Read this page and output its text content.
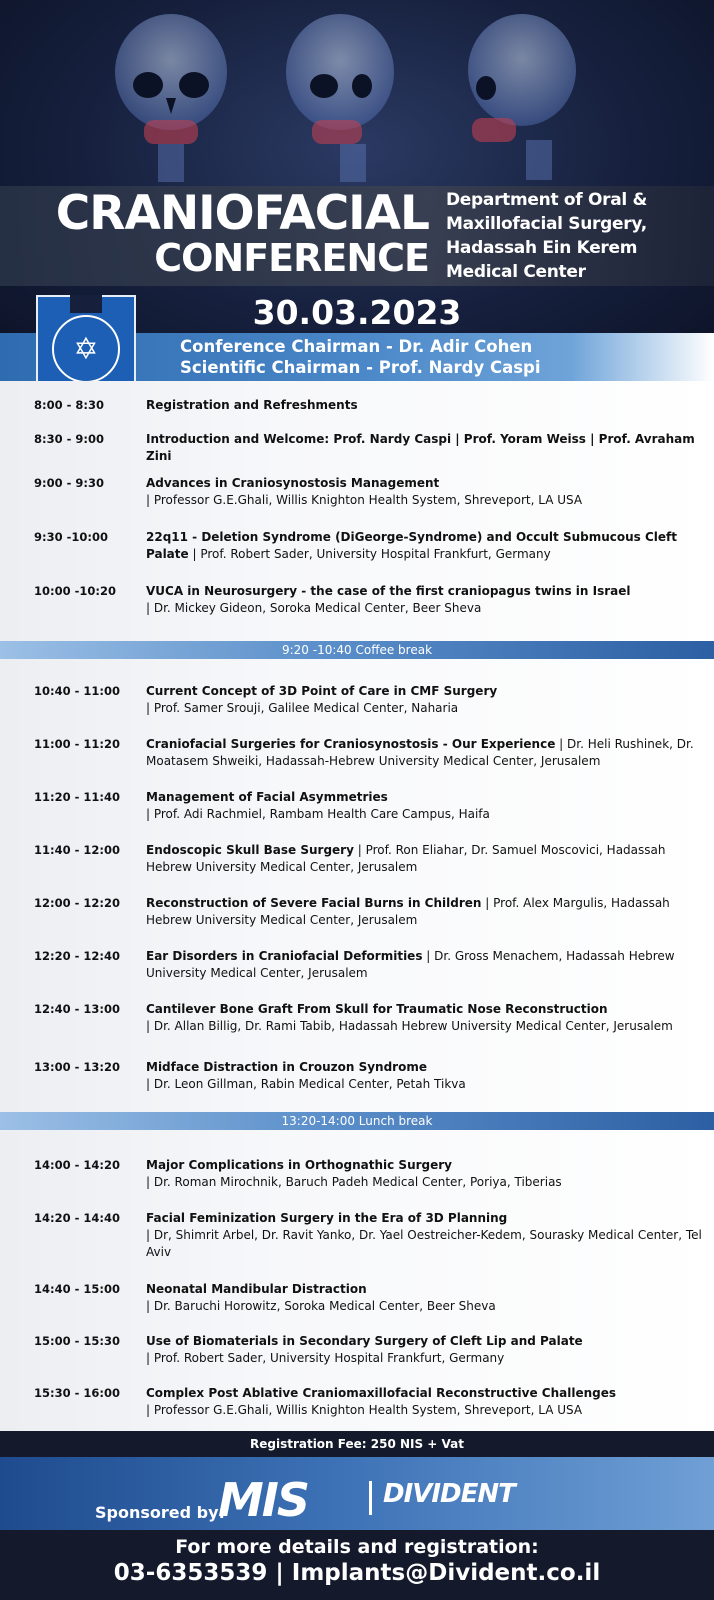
CRANIOFACIAL
CONFERENCE
Department of Oral &
Maxillofacial Surgery,
Hadassah Ein Kerem
Medical Center
30.03.2023
Conference Chairman - Dr. Adir Cohen
Scientific Chairman - Prof. Nardy Caspi
✡
8:00 - 8:30	Registration and Refreshments
8:30 - 9:00	Introduction and Welcome: Prof. Nardy Caspi | Prof. Yoram Weiss | Prof. Avraham Zini
9:00 - 9:30	Advances in Craniosynostosis Management
| Professor G.E.Ghali, Willis Knighton Health System, Shreveport, LA USA
9:30 -10:00	22q11 - Deletion Syndrome (DiGeorge-Syndrome) and Occult Submucous Cleft Palate | Prof. Robert Sader, University Hospital Frankfurt, Germany
10:00 -10:20	VUCA in Neurosurgery - the case of the first craniopagus twins in Israel
| Dr. Mickey Gideon, Soroka Medical Center, Beer Sheva
9:20 -10:40 Coffee break
10:40 - 11:00 Current Concept of 3D Point of Care in CMF Surgery
| Prof. Samer Srouji, Galilee Medical Center, Naharia
11:00 - 11:20 Craniofacial Surgeries for Craniosynostosis - Our Experience | Dr. Heli Rushinek, Dr. Moatasem Shweiki, Hadassah-Hebrew University Medical Center, Jerusalem
11:20 - 11:40 Management of Facial Asymmetries
| Prof. Adi Rachmiel, Rambam Health Care Campus, Haifa
11:40 - 12:00 Endoscopic Skull Base Surgery | Prof. Ron Eliahar, Dr. Samuel Moscovici, Hadassah Hebrew University Medical Center, Jerusalem
12:00 - 12:20 Reconstruction of Severe Facial Burns in Children | Prof. Alex Margulis, Hadassah Hebrew University Medical Center, Jerusalem
12:20 - 12:40 Ear Disorders in Craniofacial Deformities | Dr. Gross Menachem, Hadassah Hebrew University Medical Center, Jerusalem
12:40 - 13:00 Cantilever Bone Graft From Skull for Traumatic Nose Reconstruction
| Dr. Allan Billig, Dr. Rami Tabib, Hadassah Hebrew University Medical Center, Jerusalem
13:00 - 13:20 Midface Distraction in Crouzon Syndrome
| Dr. Leon Gillman, Rabin Medical Center, Petah Tikva
13:20-14:00 Lunch break
14:00 - 14:20 Major Complications in Orthognathic Surgery
| Dr. Roman Mirochnik, Baruch Padeh Medical Center, Poriya, Tiberias
14:20 - 14:40 Facial Feminization Surgery in the Era of 3D Planning
| Dr, Shimrit Arbel, Dr. Ravit Yanko, Dr. Yael Oestreicher-Kedem, Sourasky Medical Center, Tel Aviv
14:40 - 15:00 Neonatal Mandibular Distraction
| Dr. Baruchi Horowitz, Soroka Medical Center, Beer Sheva
15:00 - 15:30 Use of Biomaterials in Secondary Surgery of Cleft Lip and Palate
| Prof. Robert Sader, University Hospital Frankfurt, Germany
15:30 - 16:00 Complex Post Ablative Craniomaxillofacial Reconstructive Challenges
| Professor G.E.Ghali, Willis Knighton Health System, Shreveport, LA USA
Registration Fee: 250 NIS + Vat
Sponsored by:
MIS	DIVIDENT
For more details and registration:
03-6353539 | Implants@Divident.co.il
